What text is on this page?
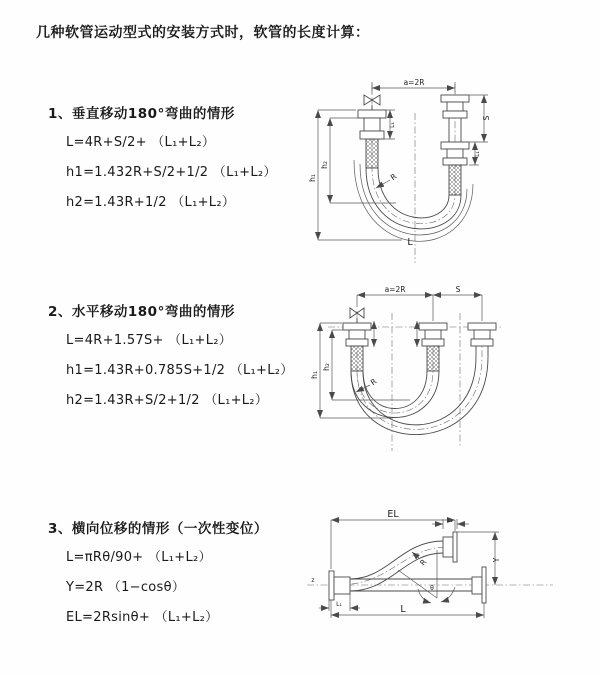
几种软管运动型式的安装方式时，软管的长度计算：
1、垂直移动180°弯曲的情形
L=4R+S/2+ （L₁+L₂）
h1=1.432R+S/2+1/2 （L₁+L₂）
h2=1.43R+1/2 （L₁+L₂）
2、水平移动180°弯曲的情形
L=4R+1.57S+ （L₁+L₂）
h1=1.43R+0.785S+1/2 （L₁+L₂）
h2=1.43R+S/2+1/2 （L₁+L₂）
3、横向位移的情形（一次性变位）
L=πRθ/90+ （L₁+L₂）
Y=2R （1−cosθ）
EL=2Rsinθ+ （L₁+L₂）
a=2R
L₁
S
L₁
h₁
h₂
R
L
a=2R	S
h₁
h₂
R
z
EL
L₁
L₁
Y
L
R
θ
